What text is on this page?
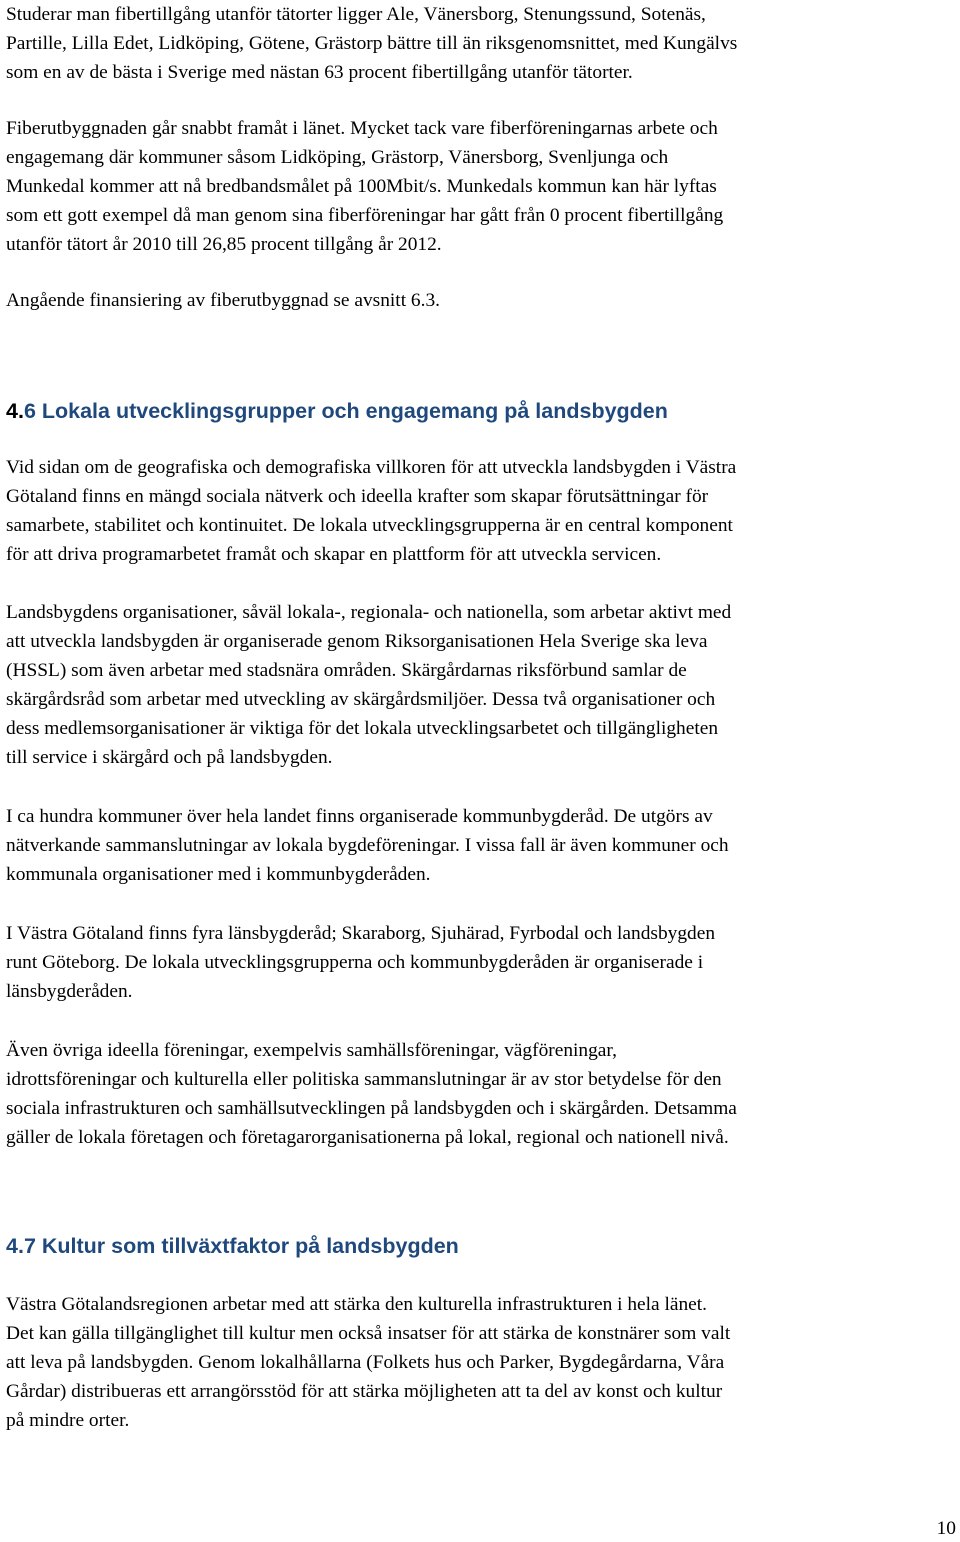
Studerar man fibertillgång utanför tätorter ligger Ale, Vänersborg, Stenungssund, Sotenäs,
Partille, Lilla Edet, Lidköping, Götene, Grästorp bättre till än riksgenomsnittet, med Kungälvs
som en av de bästa i Sverige med nästan 63 procent fibertillgång utanför tätorter.

Fiberutbyggnaden går snabbt framåt i länet. Mycket tack vare fiberföreningarnas arbete och
engagemang där kommuner såsom Lidköping, Grästorp, Vänersborg, Svenljunga och
Munkedal kommer att nå bredbandsmålet på 100Mbit/s. Munkedals kommun kan här lyftas
som ett gott exempel då man genom sina fiberföreningar har gått från 0 procent fibertillgång
utanför tätort år 2010 till 26,85 procent tillgång år 2012.

Angående finansiering av fiberutbyggnad se avsnitt 6.3.

4.6 Lokala utvecklingsgrupper och engagemang på landsbygden

Vid sidan om de geografiska och demografiska villkoren för att utveckla landsbygden i Västra
Götaland finns en mängd sociala nätverk och ideella krafter som skapar förutsättningar för
samarbete, stabilitet och kontinuitet. De lokala utvecklingsgrupperna är en central komponent
för att driva programarbetet framåt och skapar en plattform för att utveckla servicen.

Landsbygdens organisationer, såväl lokala-, regionala- och nationella, som arbetar aktivt med
att utveckla landsbygden är organiserade genom Riksorganisationen Hela Sverige ska leva
(HSSL) som även arbetar med stadsnära områden. Skärgårdarnas riksförbund samlar de
skärgårdsråd som arbetar med utveckling av skärgårdsmiljöer. Dessa två organisationer och
dess medlemsorganisationer är viktiga för det lokala utvecklingsarbetet och tillgängligheten
till service i skärgård och på landsbygden.

I ca hundra kommuner över hela landet finns organiserade kommunbygderåd. De utgörs av
nätverkande sammanslutningar av lokala bygdeföreningar. I vissa fall är även kommuner och
kommunala organisationer med i kommunbygderåden.

I Västra Götaland finns fyra länsbygderåd; Skaraborg, Sjuhärad, Fyrbodal och landsbygden
runt Göteborg. De lokala utvecklingsgrupperna och kommunbygderåden är organiserade i
länsbygderåden.

Även övriga ideella föreningar, exempelvis samhällsföreningar, vägföreningar,
idrottsföreningar och kulturella eller politiska sammanslutningar är av stor betydelse för den
sociala infrastrukturen och samhällsutvecklingen på landsbygden och i skärgården. Detsamma
gäller de lokala företagen och företagarorganisationerna på lokal, regional och nationell nivå.

4.7 Kultur som tillväxtfaktor på landsbygden

Västra Götalandsregionen arbetar med att stärka den kulturella infrastrukturen i hela länet.
Det kan gälla tillgänglighet till kultur men också insatser för att stärka de konstnärer som valt
att leva på landsbygden. Genom lokalhållarna (Folkets hus och Parker, Bygdegårdarna, Våra
Gårdar) distribueras ett arrangörsstöd för att stärka möjligheten att ta del av konst och kultur
på mindre orter.

10
